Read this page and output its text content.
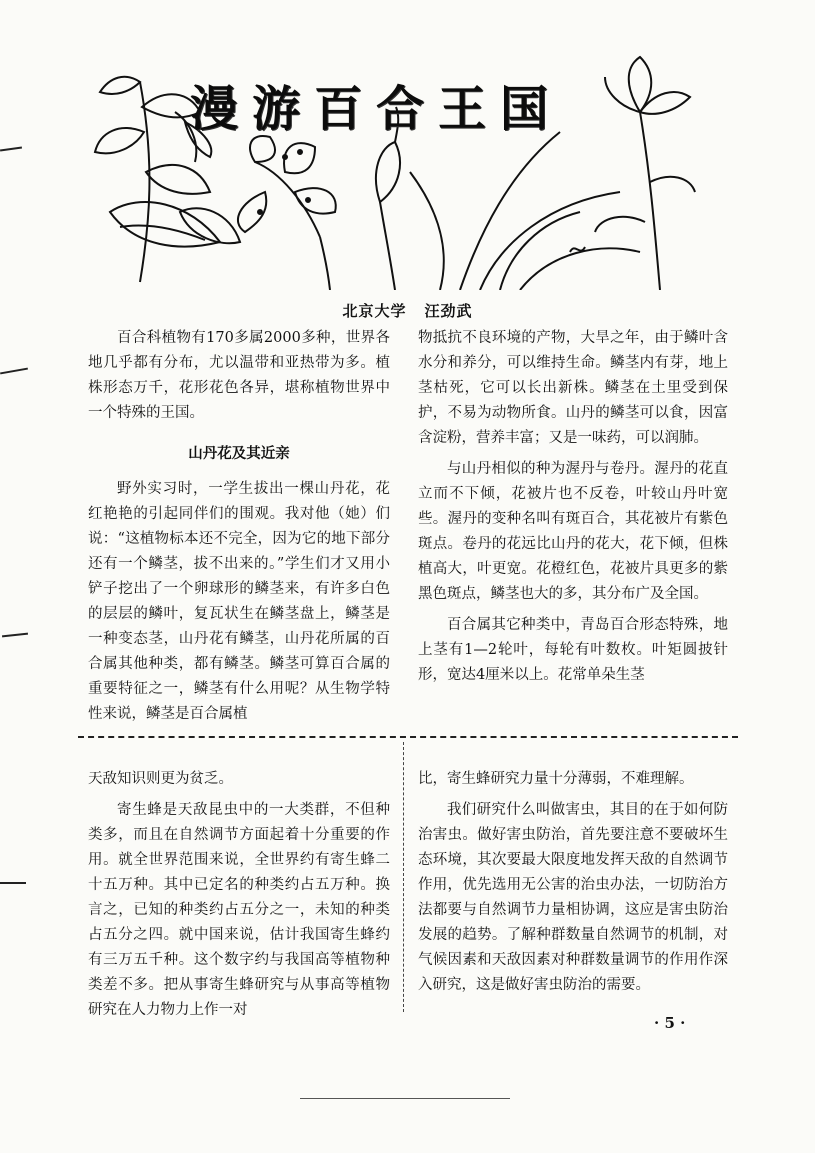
漫游百合王国
北京大学 汪劲武

百合科植物有170多属2000多种，世界各地几乎都有分布，尤以温带和亚热带为多。植株形态万千，花形花色各异，堪称植物世界中一个特殊的王国。

山丹花及其近亲

野外实习时，一学生拔出一棵山丹花，花红艳艳的引起同伴们的围观。我对他（她）们说：“这植物标本还不完全，因为它的地下部分还有一个鳞茎，拔不出来的。”学生们才又用小铲子挖出了一个卵球形的鳞茎来，有许多白色的层层的鳞叶，复瓦状生在鳞茎盘上，鳞茎是一种变态茎，山丹花有鳞茎，山丹花所属的百合属其他种类，都有鳞茎。鳞茎可算百合属的重要特征之一，鳞茎有什么用呢？从生物学特性来说，鳞茎是百合属植

物抵抗不良环境的产物，大旱之年，由于鳞叶含水分和养分，可以维持生命。鳞茎内有芽，地上茎枯死，它可以长出新株。鳞茎在土里受到保护，不易为动物所食。山丹的鳞茎可以食，因富含淀粉，营养丰富；又是一味药，可以润肺。

与山丹相似的种为渥丹与卷丹。渥丹的花直立而不下倾，花被片也不反卷，叶较山丹叶宽些。渥丹的变种名叫有斑百合，其花被片有紫色斑点。卷丹的花远比山丹的花大，花下倾，但株植高大，叶更宽。花橙红色，花被片具更多的紫黑色斑点，鳞茎也大的多，其分布广及全国。

百合属其它种类中，青岛百合形态特殊，地上茎有1—2轮叶，每轮有叶数枚。叶矩圆披针形，宽达4厘米以上。花常单朵生茎

天敌知识则更为贫乏。

寄生蜂是天敌昆虫中的一大类群，不但种类多，而且在自然调节方面起着十分重要的作用。就全世界范围来说，全世界约有寄生蜂二十五万种。其中已定名的种类约占五万种。换言之，已知的种类约占五分之一，未知的种类占五分之四。就中国来说，估计我国寄生蜂约有三万五千种。这个数字约与我国高等植物种类差不多。把从事寄生蜂研究与从事高等植物研究在人力物力上作一对

比，寄生蜂研究力量十分薄弱，不难理解。

我们研究什么叫做害虫，其目的在于如何防治害虫。做好害虫防治，首先要注意不要破坏生态环境，其次要最大限度地发挥天敌的自然调节作用，优先选用无公害的治虫办法，一切防治方法都要与自然调节力量相协调，这应是害虫防治发展的趋势。了解种群数量自然调节的机制，对气候因素和天敌因素对种群数量调节的作用作深入研究，这是做好害虫防治的需要。

· 5 ·
